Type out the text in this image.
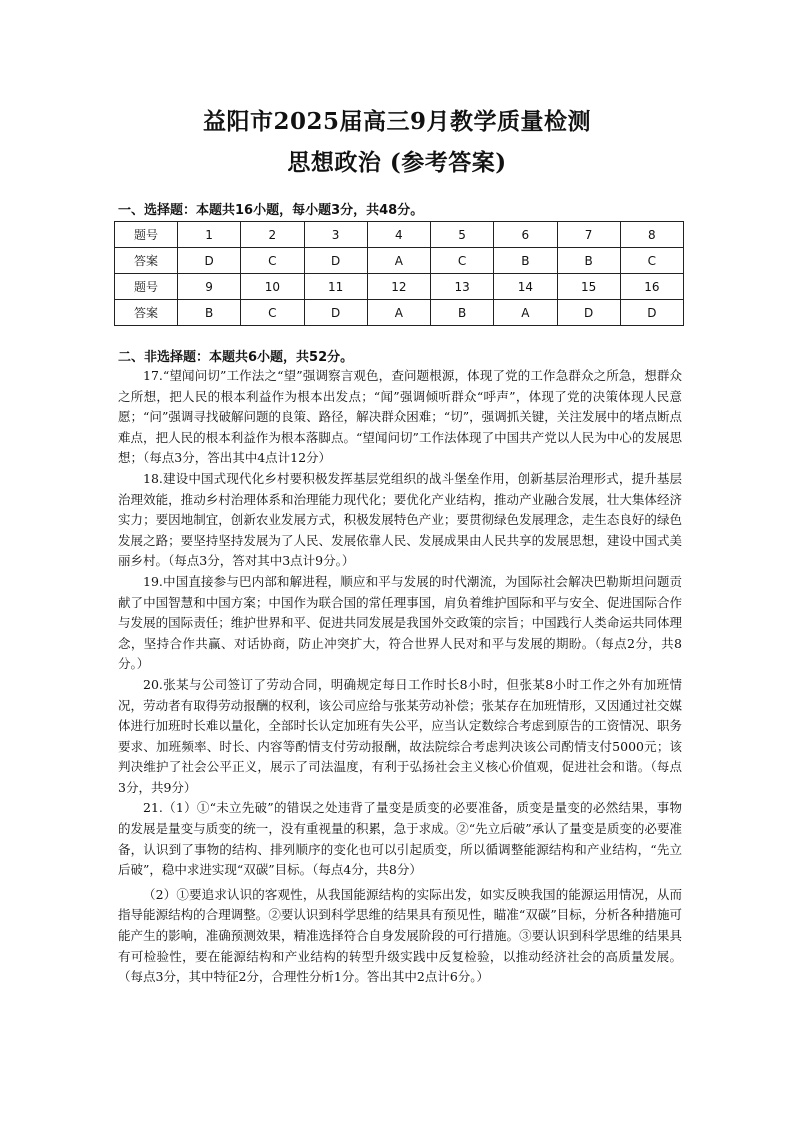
益阳市2025届高三9月教学质量检测
思想政治 (参考答案)
一、选择题：本题共16小题，每小题3分，共48分。
题号	1	2	3	4	5	6	7	8
答案	D	C	D	A	C	B	B	C
题号	9	10	11	12	13	14	15	16
答案	B	C	D	A	B	A	D	D
二、非选择题：本题共6小题，共52分。

17.“望闻问切”工作法之“望”强调察言观色，查问题根源，体现了党的工作急群众之所急，想群众之所想，把人民的根本利益作为根本出发点；“闻”强调倾听群众“呼声”，体现了党的决策体现人民意愿；“问”强调寻找破解问题的良策、路径，解决群众困难；“切”，强调抓关键，关注发展中的堵点断点难点，把人民的根本利益作为根本落脚点。“望闻问切”工作法体现了中国共产党以人民为中心的发展思想；（每点3分，答出其中4点计12分）

18.建设中国式现代化乡村要积极发挥基层党组织的战斗堡垒作用，创新基层治理形式，提升基层治理效能，推动乡村治理体系和治理能力现代化；要优化产业结构，推动产业融合发展，壮大集体经济实力；要因地制宜，创新农业发展方式，积极发展特色产业；要贯彻绿色发展理念，走生态良好的绿色发展之路；要坚持坚持发展为了人民、发展依靠人民、发展成果由人民共享的发展思想，建设中国式美丽乡村。（每点3分，答对其中3点计9分。）

19.中国直接参与巴内部和解进程，顺应和平与发展的时代潮流，为国际社会解决巴勒斯坦问题贡献了中国智慧和中国方案；中国作为联合国的常任理事国，肩负着维护国际和平与安全、促进国际合作与发展的国际责任；维护世界和平、促进共同发展是我国外交政策的宗旨；中国践行人类命运共同体理念，坚持合作共赢、对话协商，防止冲突扩大，符合世界人民对和平与发展的期盼。（每点2分，共8分。）

20.张某与公司签订了劳动合同，明确规定每日工作时长8小时，但张某8小时工作之外有加班情况，劳动者有取得劳动报酬的权利，该公司应给与张某劳动补偿；张某存在加班情形，又因通过社交媒体进行加班时长难以量化，全部时长认定加班有失公平，应当认定数综合考虑到原告的工资情况、职务要求、加班频率、时长、内容等酌情支付劳动报酬，故法院综合考虑判决该公司酌情支付5000元；该判决维护了社会公平正义，展示了司法温度，有利于弘扬社会主义核心价值观，促进社会和谐。（每点3分，共9分）

21.（1）①“未立先破”的错误之处违背了量变是质变的必要准备，质变是量变的必然结果，事物的发展是量变与质变的统一，没有重视量的积累，急于求成。②“先立后破”承认了量变是质变的必要准备，认识到了事物的结构、排列顺序的变化也可以引起质变，所以循调整能源结构和产业结构，“先立后破”，稳中求进实现“双碳”目标。（每点4分，共8分）

（2）①要追求认识的客观性，从我国能源结构的实际出发，如实反映我国的能源运用情况，从而指导能源结构的合理调整。②要认识到科学思维的结果具有预见性，瞄准“双碳”目标，分析各种措施可能产生的影响，准确预测效果，精准选择符合自身发展阶段的可行措施。③要认识到科学思维的结果具有可检验性，要在能源结构和产业结构的转型升级实践中反复检验，以推动经济社会的高质量发展。（每点3分，其中特征2分，合理性分析1分。答出其中2点计6分。）
